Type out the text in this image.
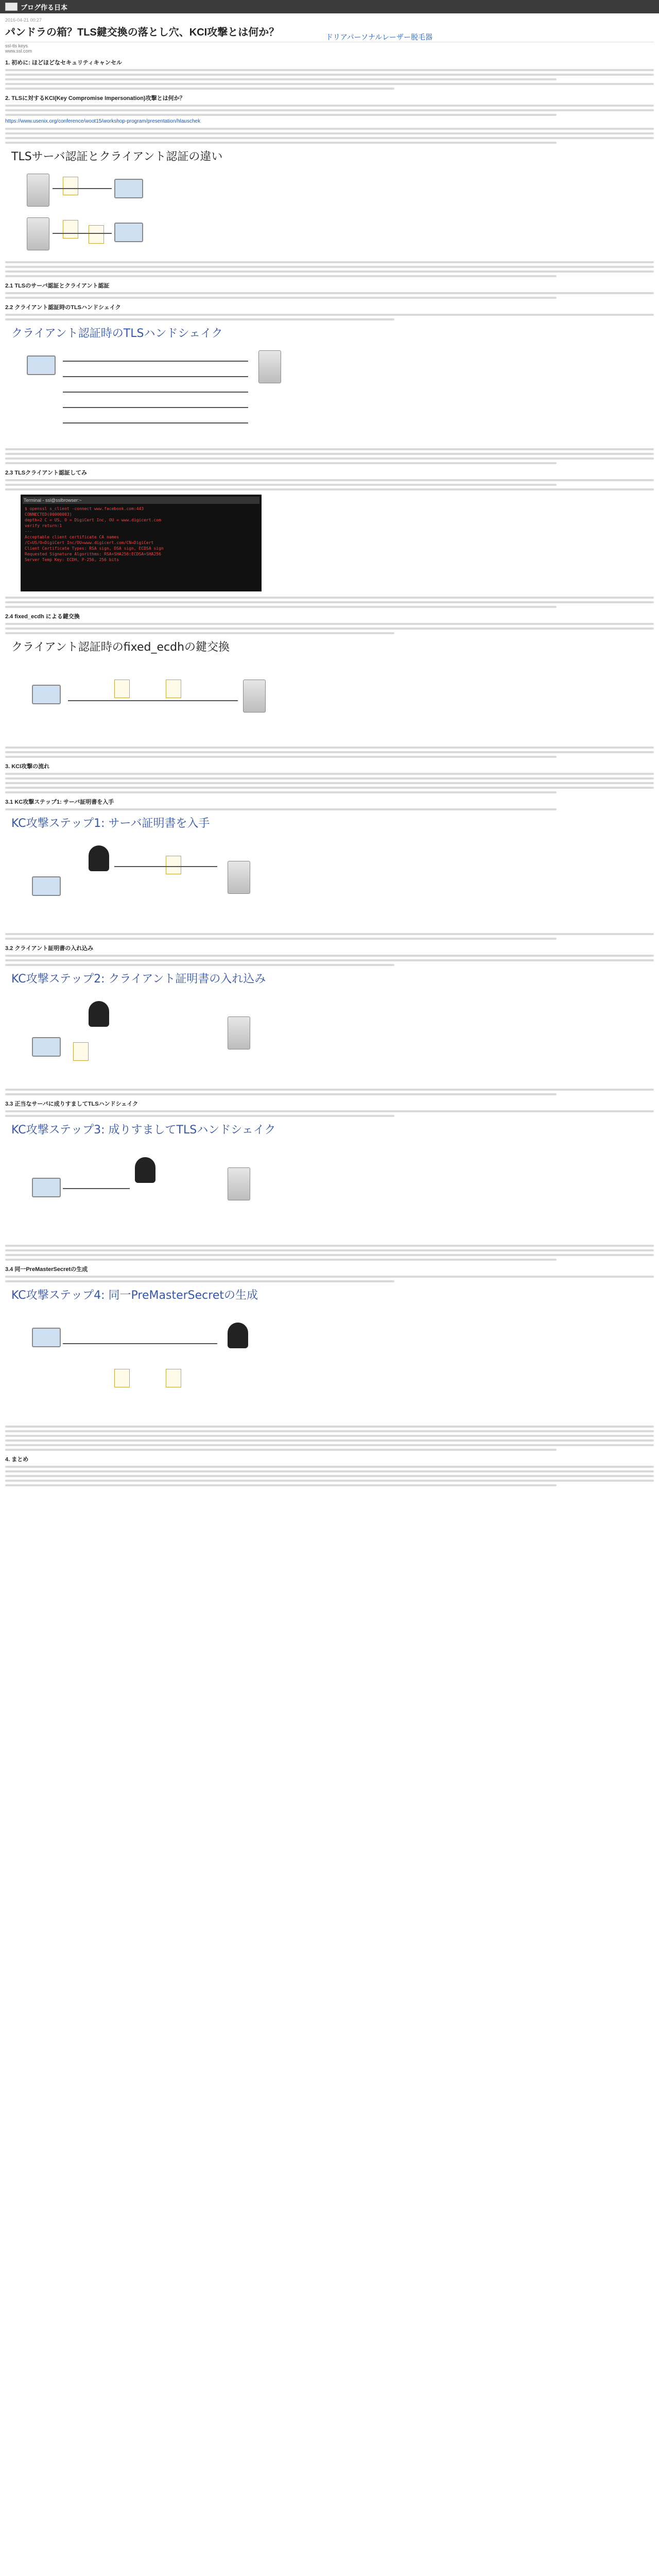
ブログ作る日本
2016-04-21 00:27
パンドラの箱？TLS鍵交換の落とし穴、KCI攻撃とは何か？	ドリアパーソナルレーザー脱毛器
ssl-tls keys
www.ssl.com
1. 初めに: ほどほどなセキュリティキャンセル
2. TLSに対するKCI(Key Compromise Impersonation)攻撃とは何か？
https://www.usenix.org/conference/woot15/workshop-program/presentation/hlauschek
TLSサーバ認証とクライアント認証の違い
2.1 TLSのサーバ認証とクライアント認証
2.2 クライアント認証時のTLSハンドシェイク
クライアント認証時のTLSハンドシェイク
2.3 TLSクライアント認証してみ
Terminal - ssl@sslbrowser:~
$ openssl s_client -connect www.facebook.com:443
CONNECTED(00000003)
depth=2 C = US, O = DigiCert Inc, OU = www.digicert.com
verify return:1
---
Acceptable client certificate CA names
/C=US/O=DigiCert Inc/OU=www.digicert.com/CN=DigiCert
Client Certificate Types: RSA sign, DSA sign, ECDSA sign
Requested Signature Algorithms: RSA+SHA256:ECDSA+SHA256
Server Temp Key: ECDH, P-256, 256 bits
2.4 fixed_ecdh による鍵交換
クライアント認証時のfixed_ecdhの鍵交換
3. KCI攻撃の流れ
3.1 KC攻撃ステップ1: サーバ証明書を入手
KC攻撃ステップ1: サーバ証明書を入手
3.2 クライアント証明書の入れ込み
KC攻撃ステップ2: クライアント証明書の入れ込み
3.3 正当なサーバに成りすましてTLSハンドシェイク
KC攻撃ステップ3: 成りすましてTLSハンドシェイク
3.4 同一PreMasterSecretの生成
KC攻撃ステップ4: 同一PreMasterSecretの生成
4. まとめ
